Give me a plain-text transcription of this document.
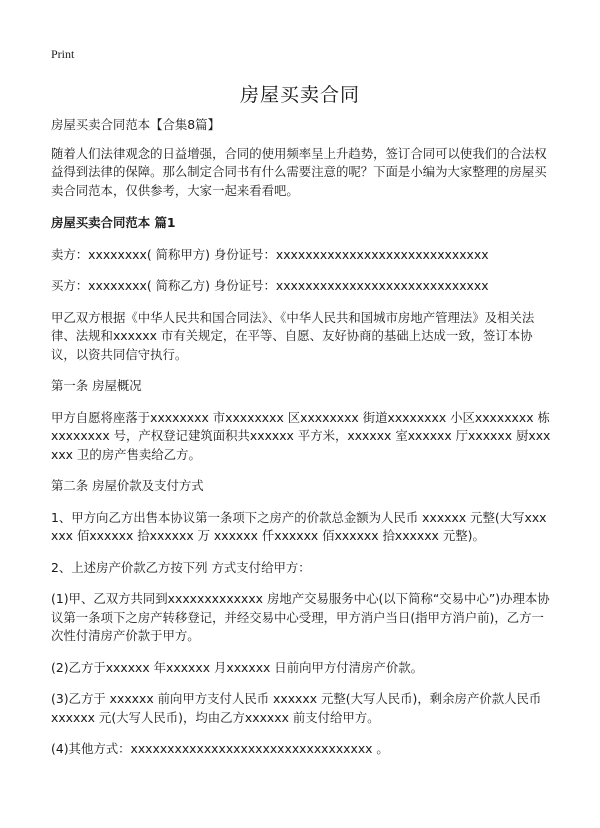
Print
房屋买卖合同

房屋买卖合同范本【合集8篇】

随着人们法律观念的日益增强，合同的使用频率呈上升趋势，签订合同可以使我们的合法权益得到法律的保障。那么制定合同书有什么需要注意的呢？下面是小编为大家整理的房屋买卖合同范本，仅供参考，大家一起来看看吧。

房屋买卖合同范本 篇1

卖方：xxxxxxxx( 简称甲方) 身份证号：xxxxxxxxxxxxxxxxxxxxxxxxxxxxx

买方：xxxxxxxx( 简称乙方) 身份证号：xxxxxxxxxxxxxxxxxxxxxxxxxxxxx

甲乙双方根据《中华人民共和国合同法》、《中华人民共和国城市房地产管理法》及相关法律、法规和xxxxxx 市有关规定，在平等、自愿、友好协商的基础上达成一致，签订本协议，以资共同信守执行。

第一条 房屋概况

甲方自愿将座落于xxxxxxxx 市xxxxxxxx 区xxxxxxxx 街道xxxxxxxx 小区xxxxxxxx 栋xxxxxxxx 号，产权登记建筑面积共xxxxxx 平方米，xxxxxx 室xxxxxx 厅xxxxxx 厨xxxxxx 卫的房产售卖给乙方。

第二条 房屋价款及支付方式

1、甲方向乙方出售本协议第一条项下之房产的价款总金额为人民币 xxxxxx 元整(大写xxxxxx 佰xxxxxx 拾xxxxxx 万 xxxxxx 仟xxxxxx 佰xxxxxx 拾xxxxxx 元整)。

2、上述房产价款乙方按下列 方式支付给甲方：

(1)甲、乙双方共同到xxxxxxxxxxxxx 房地产交易服务中心(以下简称“交易中心”)办理本协议第一条项下之房产转移登记，并经交易中心受理，甲方消户当日(指甲方消户前)，乙方一次性付清房产价款于甲方。

(2)乙方于xxxxxx 年xxxxxx 月xxxxxx 日前向甲方付清房产价款。

(3)乙方于 xxxxxx 前向甲方支付人民币 xxxxxx 元整(大写人民币)，剩余房产价款人民币 xxxxxx 元(大写人民币)，均由乙方xxxxxx 前支付给甲方。

(4)其他方式：xxxxxxxxxxxxxxxxxxxxxxxxxxxxxxxxx 。
